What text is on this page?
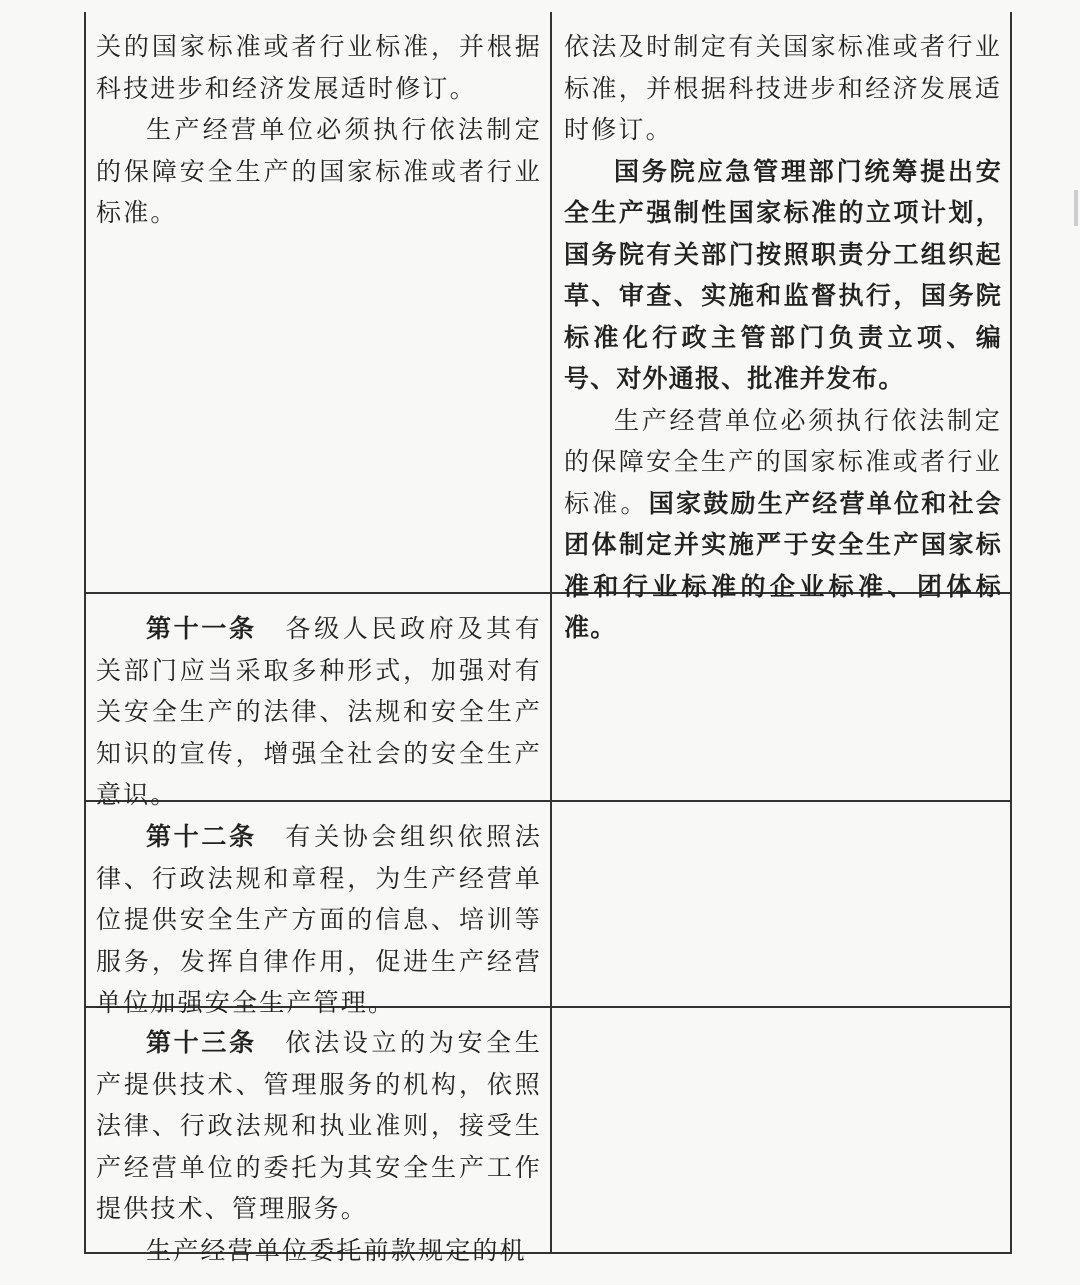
关的国家标准或者行业标准，并根据科技进步和经济发展适时修订。

生产经营单位必须执行依法制定的保障安全生产的国家标准或者行业标准。

依法及时制定有关国家标准或者行业标准，并根据科技进步和经济发展适时修订。

国务院应急管理部门统筹提出安全生产强制性国家标准的立项计划，国务院有关部门按照职责分工组织起草、审查、实施和监督执行，国务院标准化行政主管部门负责立项、编号、对外通报、批准并发布。

生产经营单位必须执行依法制定的保障安全生产的国家标准或者行业标准。国家鼓励生产经营单位和社会团体制定并实施严于安全生产国家标准和行业标准的企业标准、团体标准。

第十一条　 各级人民政府及其有关部门应当采取多种形式，加强对有关安全生产的法律、法规和安全生产知识的宣传，增强全社会的安全生产意识。

第十二条　 有关协会组织依照法律、行政法规和章程，为生产经营单位提供安全生产方面的信息、培训等服务，发挥自律作用，促进生产经营单位加强安全生产管理。

第十三条　 依法设立的为安全生产提供技术、管理服务的机构，依照法律、行政法规和执业准则，接受生产经营单位的委托为其安全生产工作提供技术、管理服务。

生产经营单位委托前款规定的机
